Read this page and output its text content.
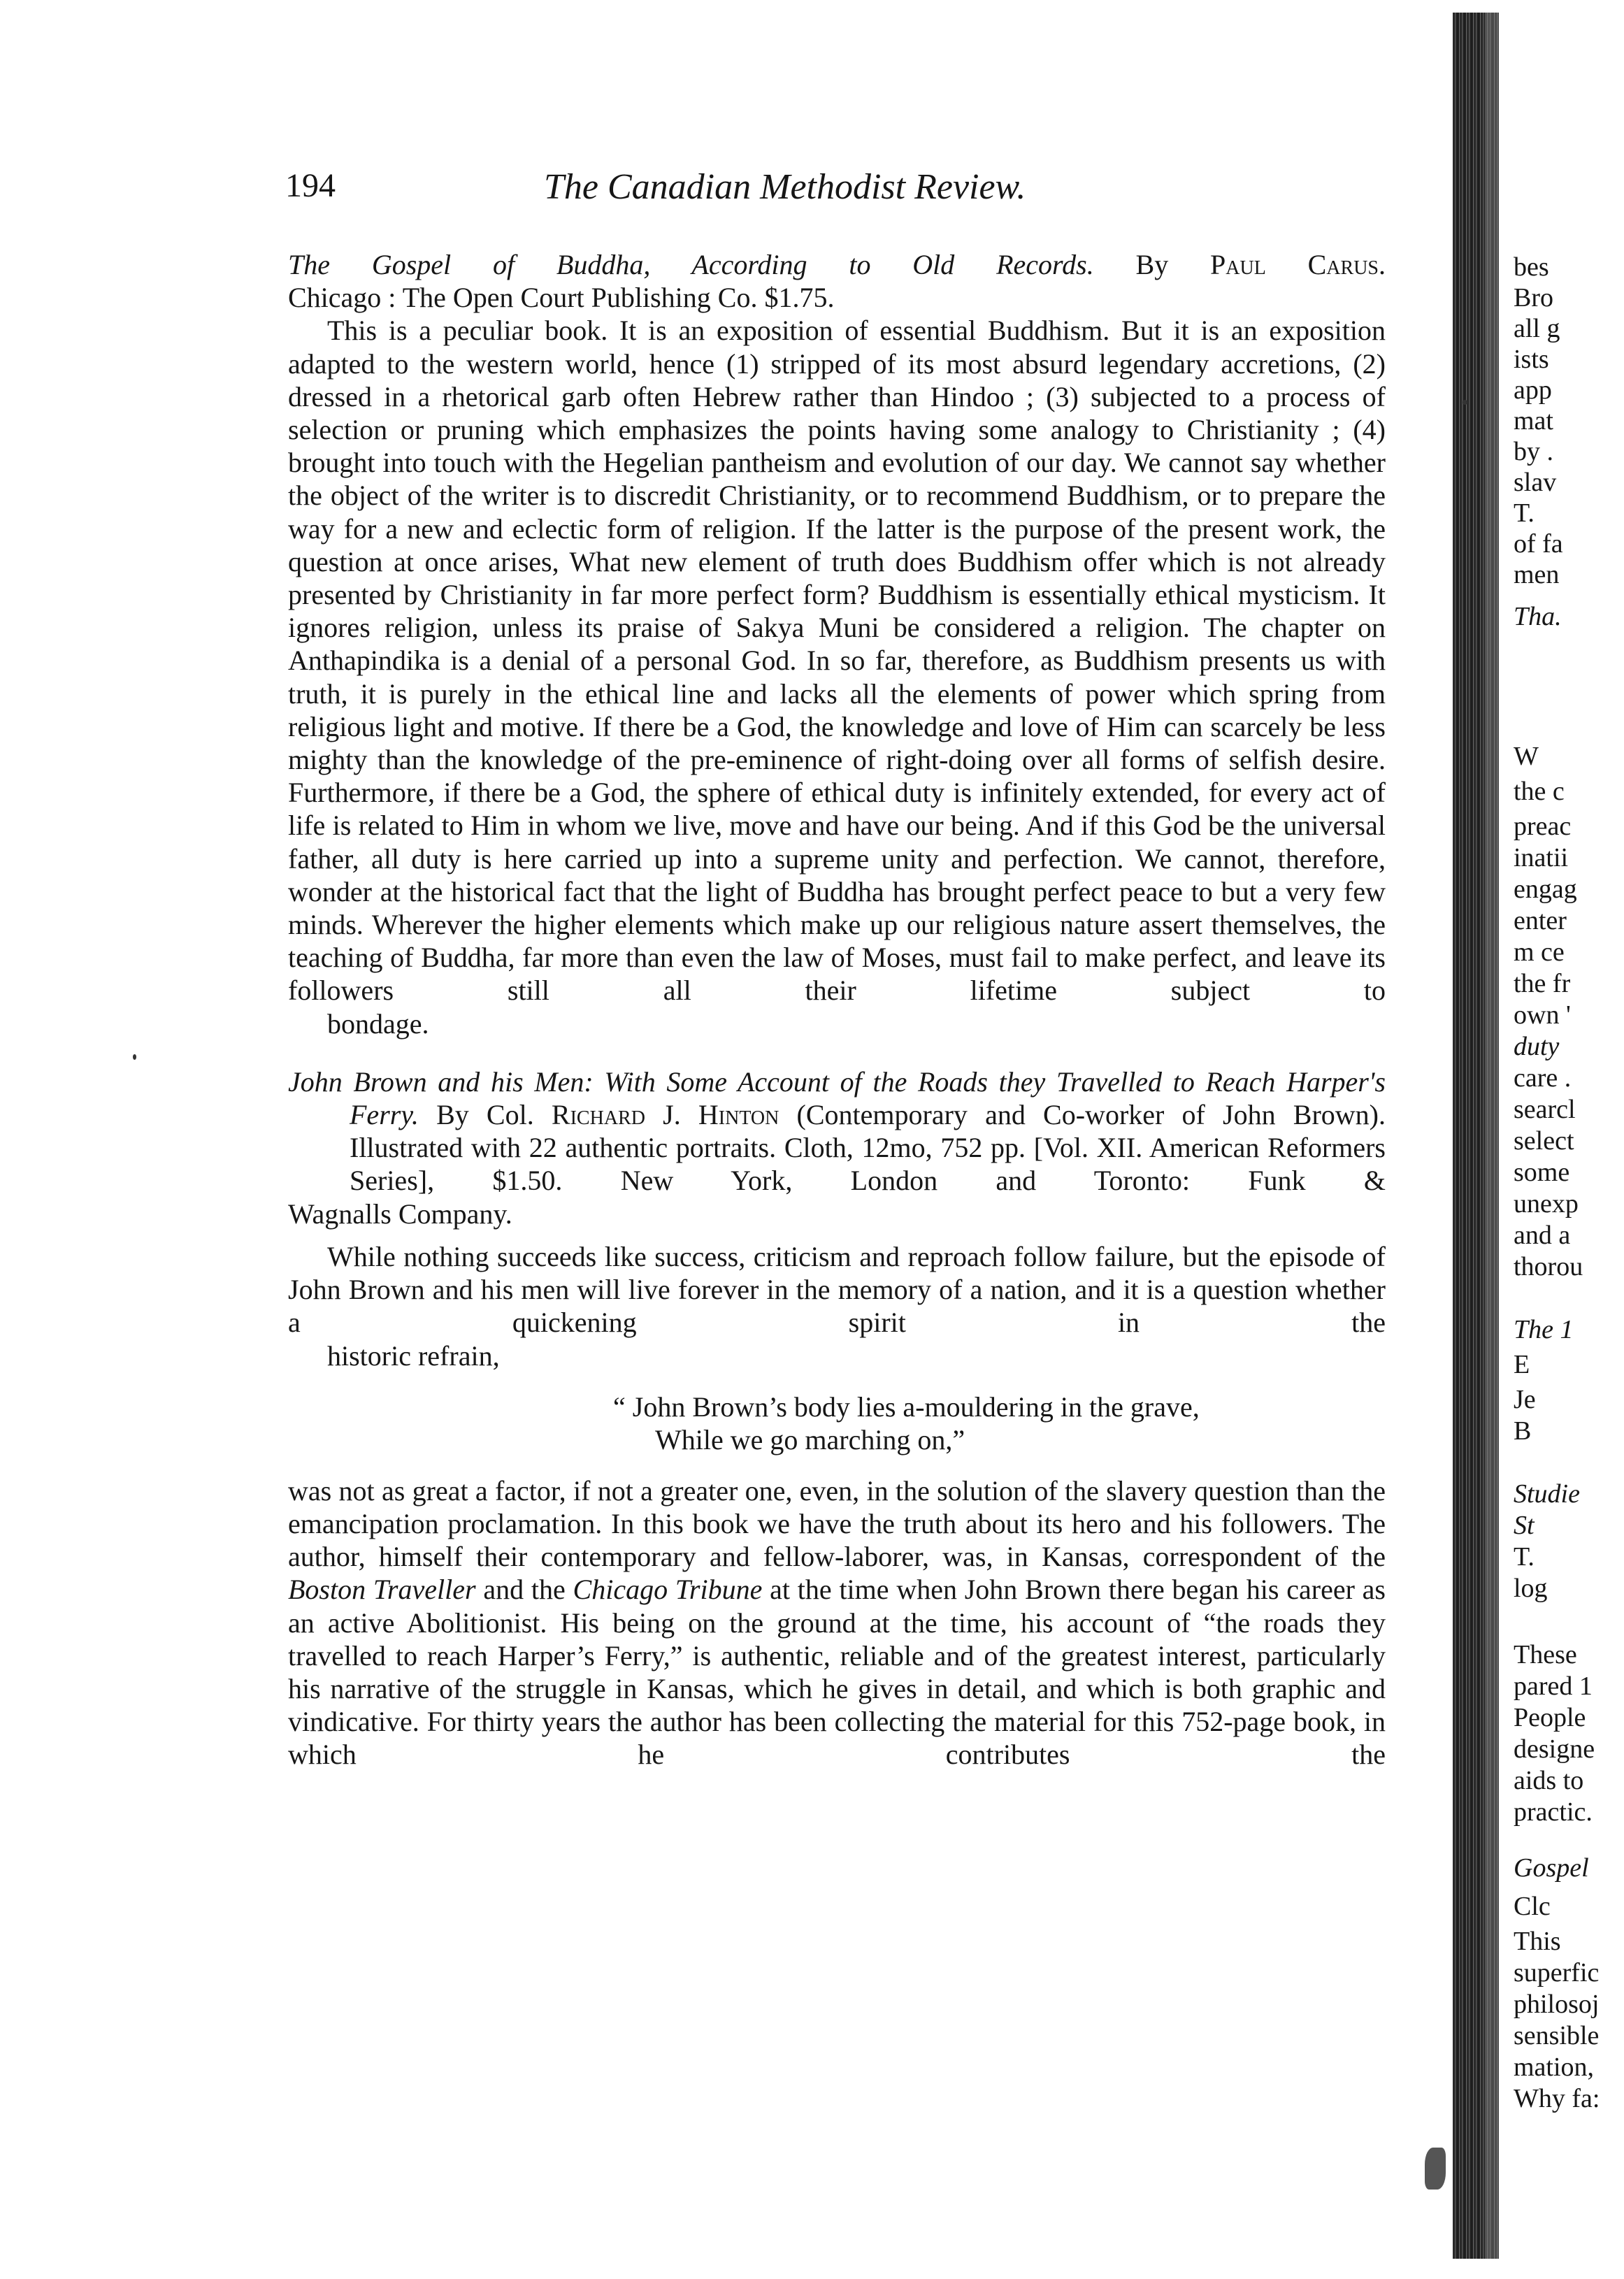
194	The Canadian Methodist Review.

The Gospel of Buddha, According to Old Records. By Paul Carus.
Chicago : The Open Court Publishing Co. $1.75.

This is a peculiar book. It is an exposition of essential Buddhism. But it is an exposition adapted to the western world, hence (1) stripped of its most absurd legendary accretions, (2) dressed in a rhetorical garb often Hebrew rather than Hindoo ; (3) subjected to a process of selection or pruning which emphasizes the points having some analogy to Christianity ; (4) brought into touch with the Hegelian pantheism and evolution of our day. We cannot say whether the object of the writer is to discredit Christianity, or to recommend Buddhism, or to prepare the way for a new and eclectic form of religion. If the latter is the purpose of the present work, the question at once arises, What new element of truth does Buddhism offer which is not already presented by Christianity in far more perfect form? Buddhism is essentially ethical mysticism. It ignores religion, unless its praise of Sakya Muni be considered a religion. The chapter on Anthapindika is a denial of a personal God. In so far, therefore, as Buddhism presents us with truth, it is purely in the ethical line and lacks all the elements of power which spring from religious light and motive. If there be a God, the knowledge and love of Him can scarcely be less mighty than the knowledge of the pre-eminence of right-doing over all forms of selfish desire. Furthermore, if there be a God, the sphere of ethical duty is infinitely extended, for every act of life is related to Him in whom we live, move and have our being. And if this God be the universal father, all duty is here carried up into a supreme unity and perfection. We cannot, therefore, wonder at the historical fact that the light of Buddha has brought perfect peace to but a very few minds. Wherever the higher elements which make up our religious nature assert themselves, the teaching of Buddha, far more than even the law of Moses, must fail to make perfect, and leave its followers still all their lifetime subject to
bondage.

John Brown and his Men: With Some Account of the Roads they Travelled to Reach Harper's Ferry. By Col. Richard J. Hinton (Contemporary and Co-worker of John Brown). Illustrated with 22 authentic portraits. Cloth, 12mo, 752 pp. [Vol. XII. American Reformers Series], $1.50. New York, London and Toronto: Funk &
Wagnalls Company.

While nothing succeeds like success, criticism and reproach follow failure, but the episode of John Brown and his men will live forever in the memory of a nation, and it is a question whether a quickening spirit in the
historic refrain,

“ John Brown’s body lies a-mouldering in the grave,
While we go marching on,”

was not as great a factor, if not a greater one, even, in the solution of the slavery question than the emancipation proclamation. In this book we have the truth about its hero and his followers. The author, himself their contemporary and fellow-laborer, was, in Kansas, correspondent of the Boston Traveller and the Chicago Tribune at the time when John Brown there began his career as an active Abolitionist. His being on the ground at the time, his account of “the roads they travelled to reach Harper’s Ferry,” is authentic, reliable and of the greatest interest, particularly his narrative of the struggle in Kansas, which he gives in detail, and which is both graphic and vindicative. For thirty years the author has been collecting the material for this 752-page book, in which he contributes the

bes
Bro
all g
ists
app
mat
by .
slav
T.
of fa
men
Tha.
W
the c
preac
inatii
engag
enter
m ce
the fr
own '
duty
care .
searcl
select
some
unexp
and a
thorou
The 1
E
Je
B
Studie
St
T.
log
These
pared 1
People
designe
aids to
practic.
Gospel
Clc
This
superfic
philosoj
sensible
mation,
Why fa:
